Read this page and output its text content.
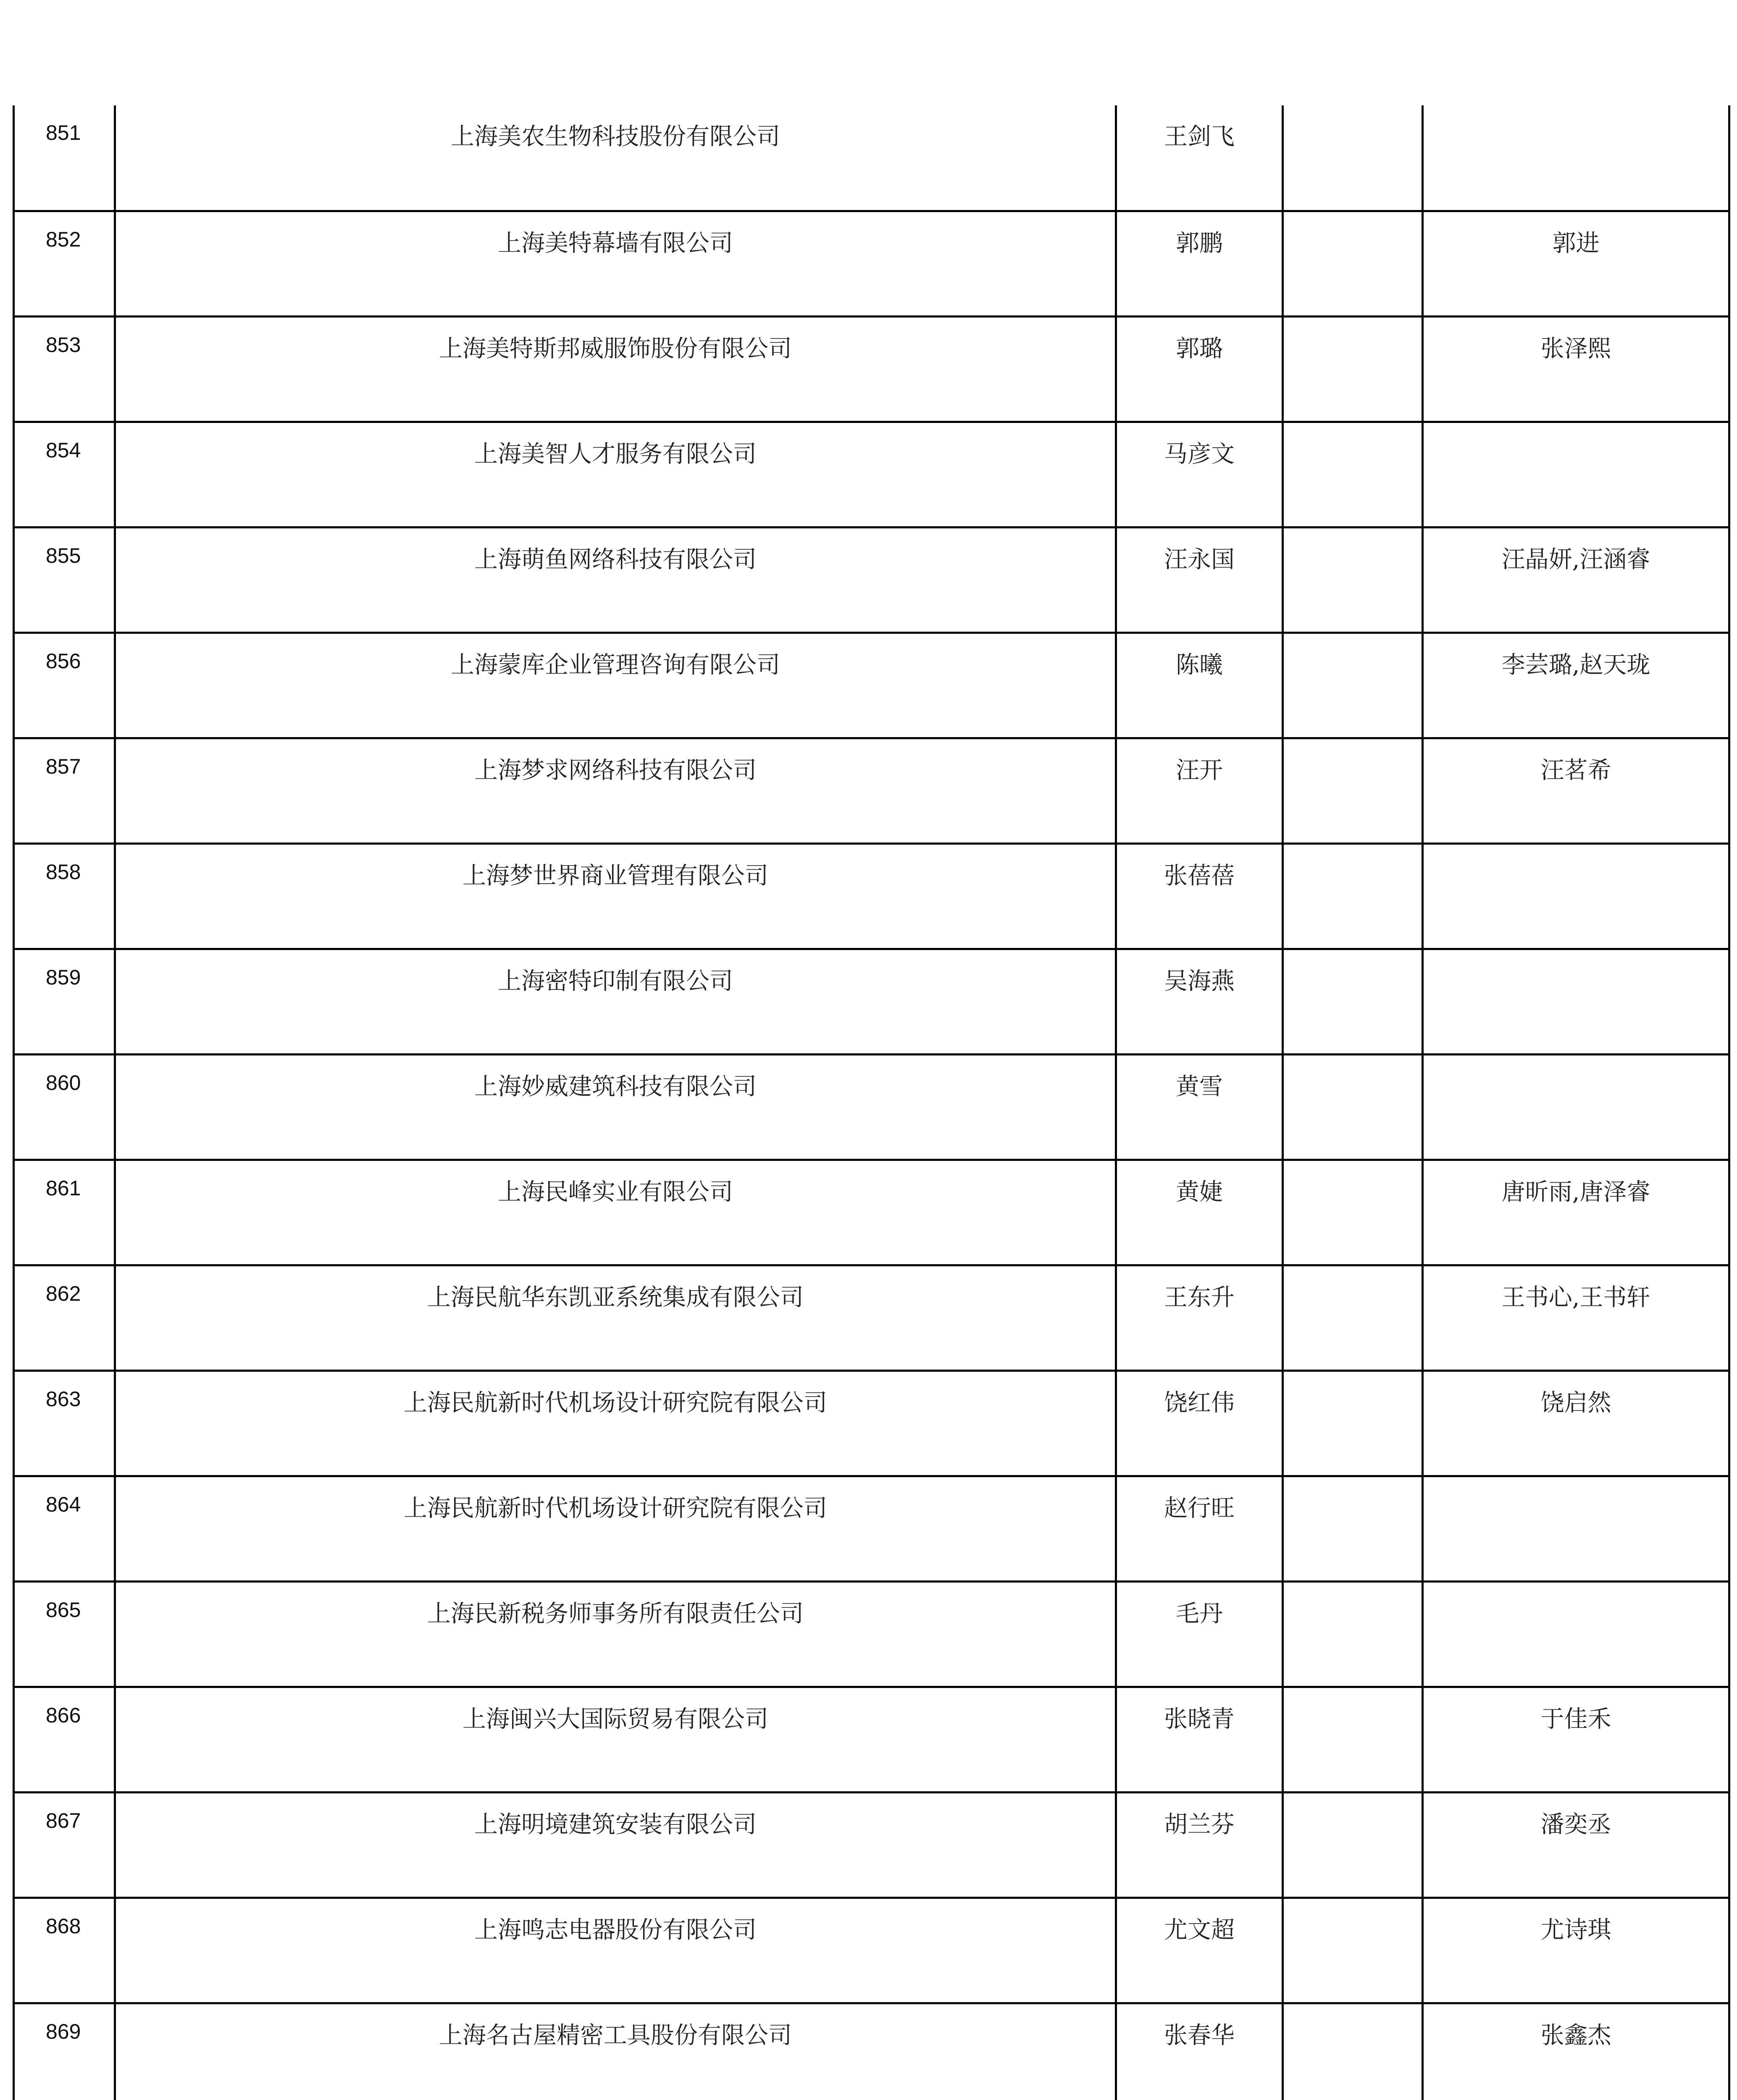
851	上海美农生物科技股份有限公司	王剑飞		
852	上海美特幕墙有限公司	郭鹏		郭进
853	上海美特斯邦威服饰股份有限公司	郭璐		张泽熙
854	上海美智人才服务有限公司	马彦文		
855	上海萌鱼网络科技有限公司	汪永国		汪晶妍,汪涵睿
856	上海蒙库企业管理咨询有限公司	陈曦		李芸璐,赵天珑
857	上海梦求网络科技有限公司	汪开		汪茗希
858	上海梦世界商业管理有限公司	张蓓蓓		
859	上海密特印制有限公司	吴海燕		
860	上海妙威建筑科技有限公司	黄雪		
861	上海民峰实业有限公司	黄婕		唐昕雨,唐泽睿
862	上海民航华东凯亚系统集成有限公司	王东升		王书心,王书轩
863	上海民航新时代机场设计研究院有限公司	饶红伟		饶启然
864	上海民航新时代机场设计研究院有限公司	赵行旺		
865	上海民新税务师事务所有限责任公司	毛丹		
866	上海闽兴大国际贸易有限公司	张晓青		于佳禾
867	上海明境建筑安装有限公司	胡兰芬		潘奕丞
868	上海鸣志电器股份有限公司	尤文超		尤诗琪
869	上海名古屋精密工具股份有限公司	张春华		张鑫杰
